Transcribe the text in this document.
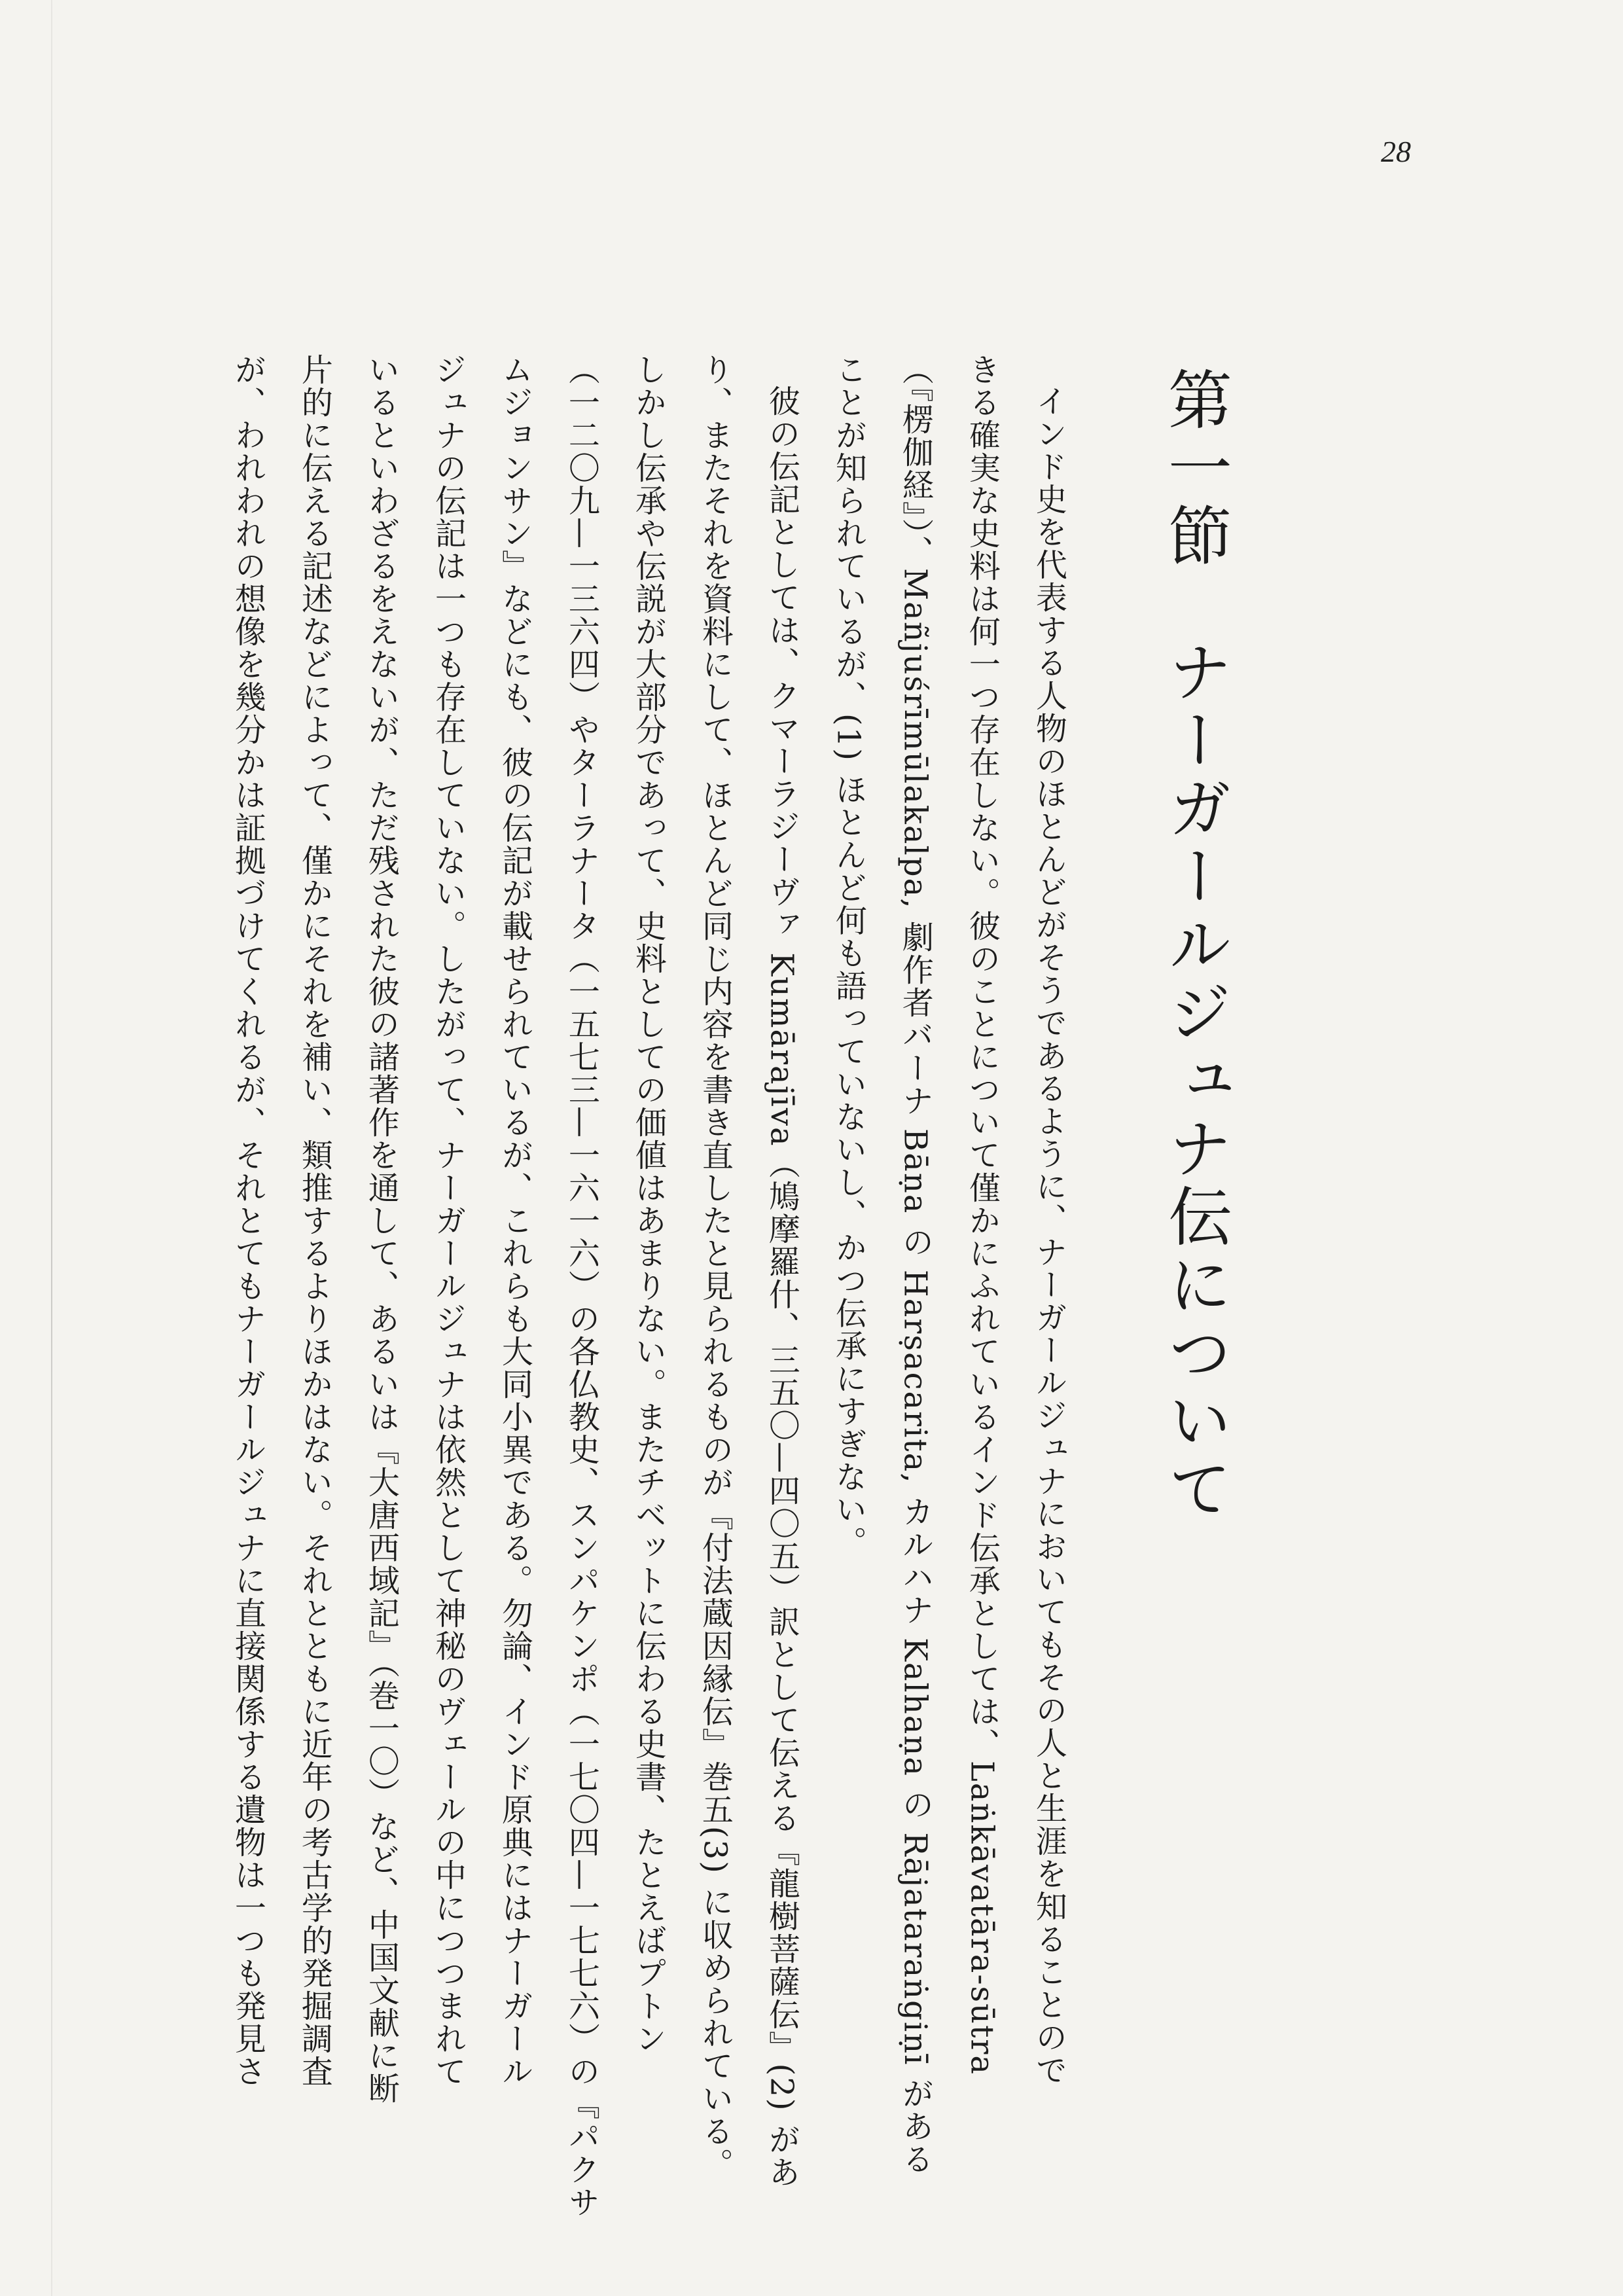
28
第一節　ナーガールジュナ伝について
インド史を代表する人物のほとんどがそうであるように、ナーガールジュナにおいてもその人と生涯を知ることので
きる確実な史料は何一つ存在しない。彼のことについて僅かにふれているインド伝承としては、Laṅkāvatāra-sūtra
（『楞伽経』）、Mañjuśrīmūlakalpa, 劇作者バーナ Bāṇa の Harṣacarita, カルハナ Kalhaṇa の Rājataraṅgiṇī がある
ことが知られているが、(1) ほとんど何も語っていないし、かつ伝承にすぎない。
彼の伝記としては、クマーラジーヴァ Kumārajīva（鳩摩羅什、三五〇—四〇五）訳として伝える『龍樹菩薩伝』(2) があ
り、またそれを資料にして、ほとんど同じ内容を書き直したと見られるものが『付法蔵因縁伝』巻五(3) に収められている。
しかし伝承や伝説が大部分であって、史料としての価値はあまりない。またチベットに伝わる史書、たとえばプトン
（一二〇九—一三六四）やターラナータ（一五七三—一六一六）の各仏教史、スンパケンポ（一七〇四—一七七六）の『パクサ
ムジョンサン』などにも、彼の伝記が載せられているが、これらも大同小異である。勿論、インド原典にはナーガール
ジュナの伝記は一つも存在していない。したがって、ナーガールジュナは依然として神秘のヴェールの中につつまれて
いるといわざるをえないが、ただ残された彼の諸著作を通して、あるいは『大唐西域記』（巻一〇）など、中国文献に断
片的に伝える記述などによって、僅かにそれを補い、類推するよりほかはない。それとともに近年の考古学的発掘調査
が、われわれの想像を幾分かは証拠づけてくれるが、それとてもナーガールジュナに直接関係する遺物は一つも発見さ
